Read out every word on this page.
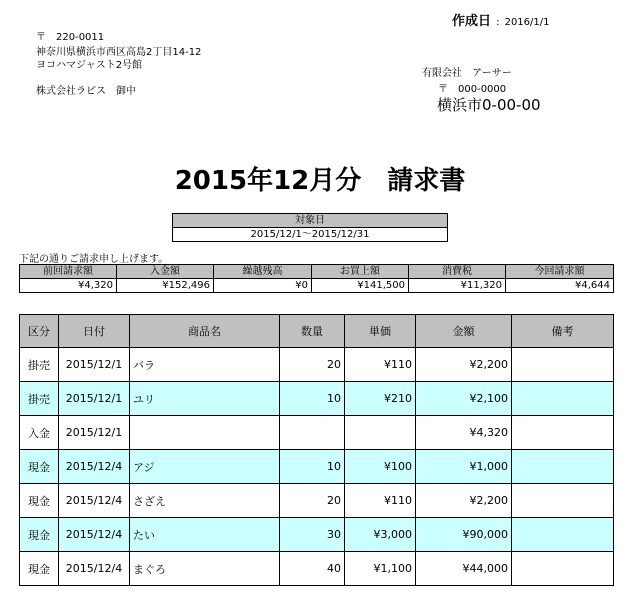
作成日 : 2016/1/1
〒　220-0011
神奈川県横浜市西区高島2丁目14-12
ヨコハマジャスト2号館
株式会社ラピス　御中
有限会社　アーサー
〒　000-0000
横浜市0-00-00
2015年12月分　請求書
対象日
2015/12/1～2015/12/31
下記の通りご請求申し上げます。
前回請求額	入金額	繰越残高	お買上額	消費税	今回請求額
¥4,320	¥152,496	¥0	¥141,500	¥11,320	¥4,644
区分	日付	商品名	数量	単価	金額	備考
掛売	2015/12/1	バラ	20	¥110	¥2,200	
掛売	2015/12/1	ユリ	10	¥210	¥2,100	
入金	2015/12/1				¥4,320	
現金	2015/12/4	アジ	10	¥100	¥1,000	
現金	2015/12/4	さざえ	20	¥110	¥2,200	
現金	2015/12/4	たい	30	¥3,000	¥90,000	
現金	2015/12/4	まぐろ	40	¥1,100	¥44,000	
